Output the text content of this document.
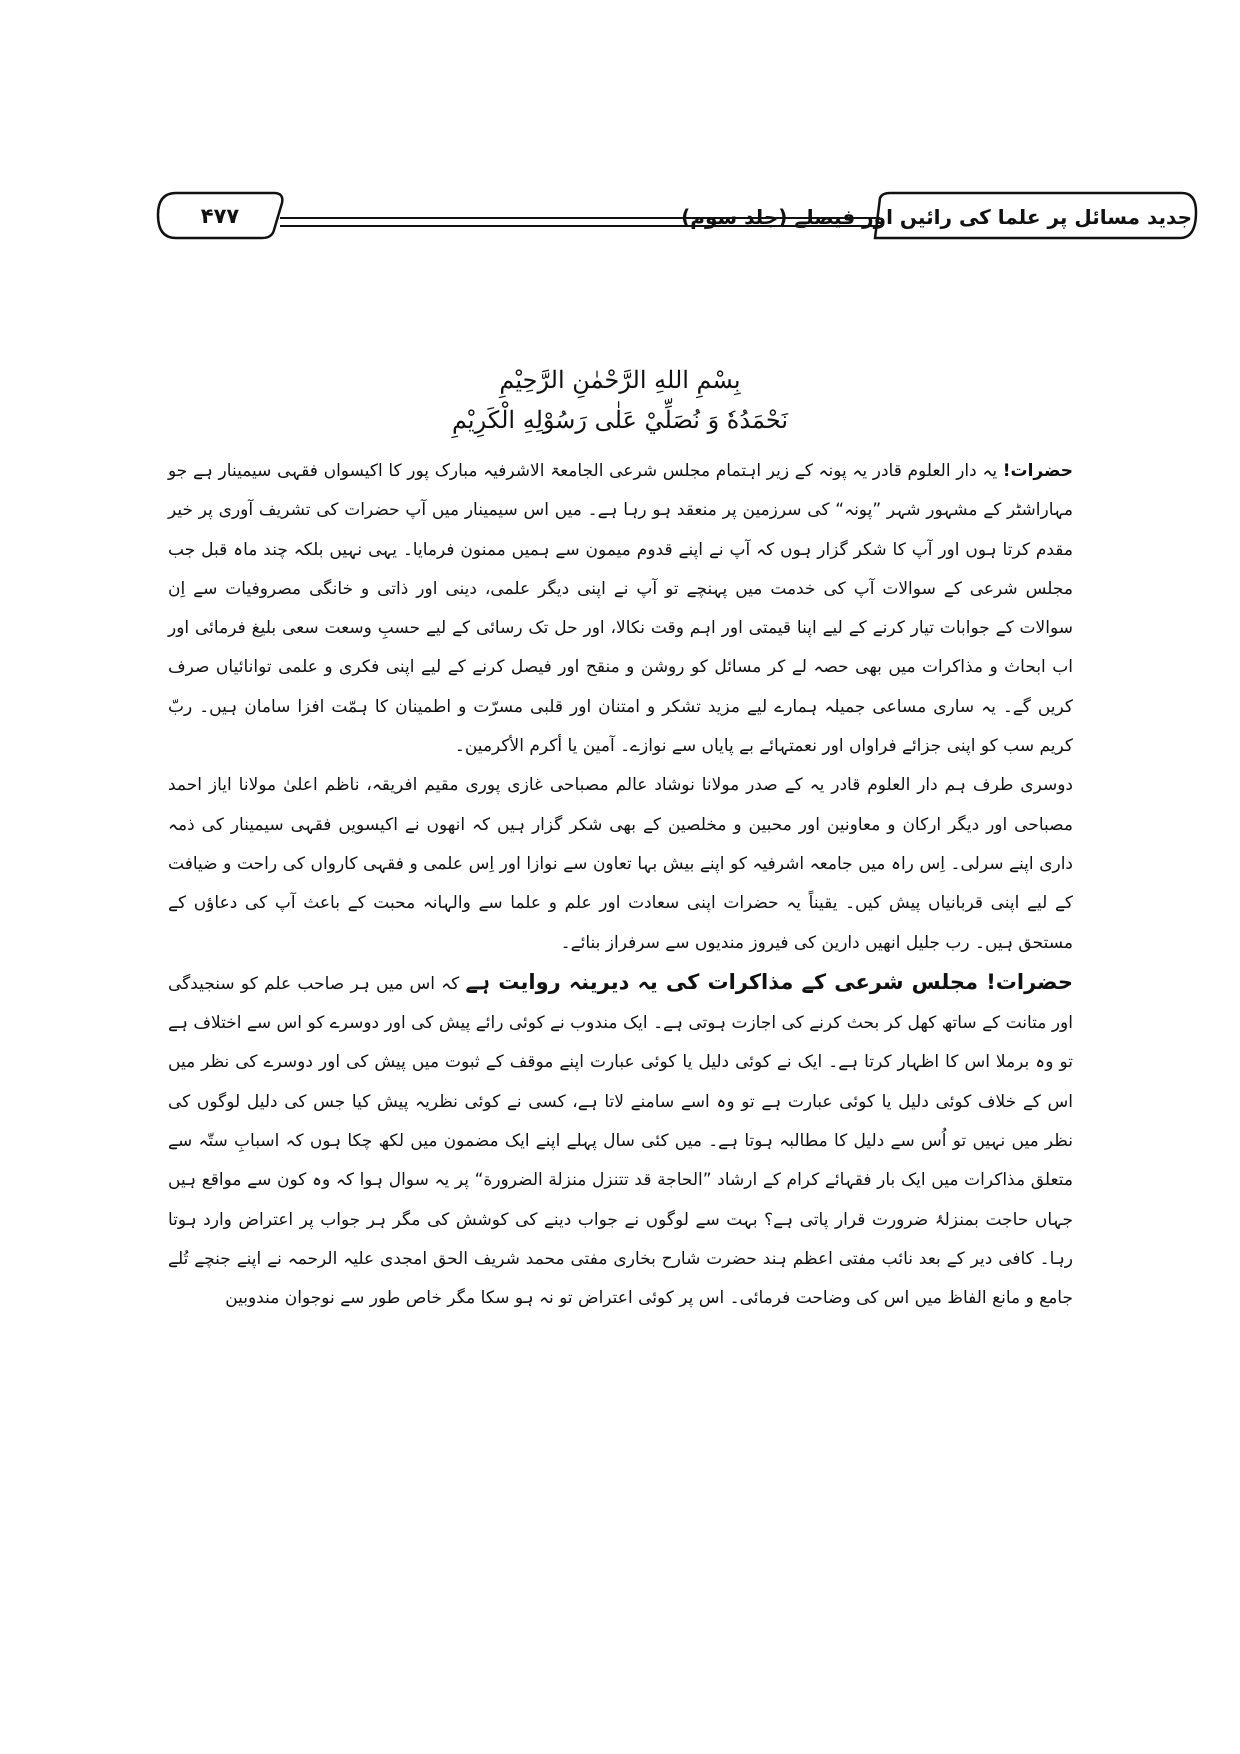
جدید مسائل پر علما کی رائیں اور فیصلے (جلد سوم)
۴۷۷
بِسْمِ اللهِ الرَّحْمٰنِ الرَّحِيْمِ
نَحْمَدُهٗ وَ نُصَلِّيْ عَلٰى رَسُوْلِهِ الْكَرِيْمِ

حضرات! یہ دار العلوم قادر یہ پونہ کے زیر اہتمام مجلس شرعی الجامعۃ الاشرفیہ مبارک پور کا اکیسواں فقہی سیمینار ہے جو مہاراشٹر کے مشہور شہر ”پونہ“ کی سرزمین پر منعقد ہو رہا ہے۔ میں اس سیمینار میں آپ حضرات کی تشریف آوری پر خیر مقدم کرتا ہوں اور آپ کا شکر گزار ہوں کہ آپ نے اپنے قدوم میمون سے ہمیں ممنون فرمایا۔ یہی نہیں بلکہ چند ماہ قبل جب مجلس شرعی کے سوالات آپ کی خدمت میں پہنچے تو آپ نے اپنی دیگر علمی، دینی اور ذاتی و خانگی مصروفیات سے اِن سوالات کے جوابات تیار کرنے کے لیے اپنا قیمتی اور اہم وقت نکالا، اور حل تک رسائی کے لیے حسبِ وسعت سعی بلیغ فرمائی اور اب ابحاث و مذاکرات میں بھی حصہ لے کر مسائل کو روشن و منقح اور فیصل کرنے کے لیے اپنی فکری و علمی توانائیاں صرف کریں گے۔ یہ ساری مساعی جمیلہ ہمارے لیے مزید تشکر و امتنان اور قلبی مسرّت و اطمینان کا ہمّت افزا سامان ہیں۔ ربّ کریم سب کو اپنی جزائے فراواں اور نعمتہائے بے پایاں سے نوازے۔ آمین یا أکرم الأکرمین۔

دوسری طرف ہم دار العلوم قادر یہ کے صدر مولانا نوشاد عالم مصباحی غازی پوری مقیم افریقہ، ناظم اعلیٰ مولانا ایاز احمد مصباحی اور دیگر ارکان و معاونین اور محبین و مخلصین کے بھی شکر گزار ہیں کہ انھوں نے اکیسویں فقہی سیمینار کی ذمہ داری اپنے سرلی۔ اِس راہ میں جامعہ اشرفیہ کو اپنے بیش بہا تعاون سے نوازا اور اِس علمی و فقہی کارواں کی راحت و ضیافت کے لیے اپنی قربانیاں پیش کیں۔ یقیناً یہ حضرات اپنی سعادت اور علم و علما سے والہانہ محبت کے باعث آپ کی دعاؤں کے مستحق ہیں۔ رب جلیل انھیں دارین کی فیروز مندیوں سے سرفراز بنائے۔

حضرات! مجلس شرعی کے مذاکرات کی یہ دیرینہ روایت ہے کہ اس میں ہر صاحب علم کو سنجیدگی اور متانت کے ساتھ کھل کر بحث کرنے کی اجازت ہوتی ہے۔ ایک مندوب نے کوئی رائے پیش کی اور دوسرے کو اس سے اختلاف ہے تو وہ برملا اس کا اظہار کرتا ہے۔ ایک نے کوئی دلیل یا کوئی عبارت اپنے موقف کے ثبوت میں پیش کی اور دوسرے کی نظر میں اس کے خلاف کوئی دلیل یا کوئی عبارت ہے تو وہ اسے سامنے لاتا ہے، کسی نے کوئی نظریہ پیش کیا جس کی دلیل لوگوں کی نظر میں نہیں تو اُس سے دلیل کا مطالبہ ہوتا ہے۔ میں کئی سال پہلے اپنے ایک مضمون میں لکھ چکا ہوں کہ اسبابِ ستّہ سے متعلق مذاکرات میں ایک بار فقہائے کرام کے ارشاد ”الحاجة قد تتنزل منزلة الضرورة“ پر یہ سوال ہوا کہ وہ کون سے مواقع ہیں جہاں حاجت بمنزلۂ ضرورت قرار پاتی ہے؟ بہت سے لوگوں نے جواب دینے کی کوشش کی مگر ہر جواب پر اعتراض وارد ہوتا رہا۔ کافی دیر کے بعد نائب مفتی اعظم ہند حضرت شارح بخاری مفتی محمد شریف الحق امجدی علیہ الرحمہ نے اپنے جنچے تُلے جامع و مانع الفاظ میں اس کی وضاحت فرمائی۔ اس پر کوئی اعتراض تو نہ ہو سکا مگر خاص طور سے نوجوان مندوبین
